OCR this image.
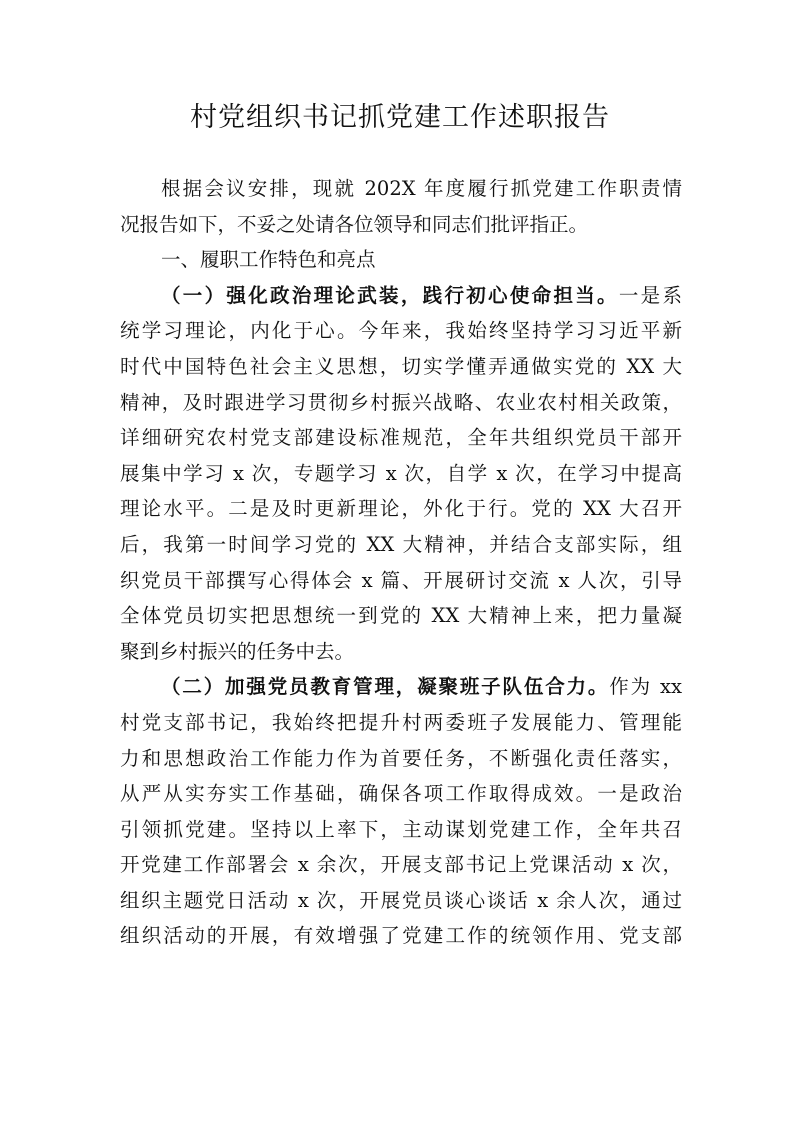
村党组织书记抓党建工作述职报告
根据会议安排，现就 202X 年度履行抓党建工作职责情
况报告如下，不妥之处请各位领导和同志们批评指正。
一、履职工作特色和亮点
（一）强化政治理论武装，践行初心使命担当。一是系
统学习理论，内化于心。今年来，我始终坚持学习习近平新
时代中国特色社会主义思想，切实学懂弄通做实党的 XX 大
精神，及时跟进学习贯彻乡村振兴战略、农业农村相关政策，
详细研究农村党支部建设标准规范，全年共组织党员干部开
展集中学习 x 次，专题学习 x 次，自学 x 次，在学习中提高
理论水平。二是及时更新理论，外化于行。党的 XX 大召开
后，我第一时间学习党的 XX 大精神，并结合支部实际，组
织党员干部撰写心得体会 x 篇、开展研讨交流 x 人次，引导
全体党员切实把思想统一到党的 XX 大精神上来，把力量凝
聚到乡村振兴的任务中去。
（二）加强党员教育管理，凝聚班子队伍合力。作为 xx
村党支部书记，我始终把提升村两委班子发展能力、管理能
力和思想政治工作能力作为首要任务，不断强化责任落实，
从严从实夯实工作基础，确保各项工作取得成效。一是政治
引领抓党建。坚持以上率下，主动谋划党建工作，全年共召
开党建工作部署会 x 余次，开展支部书记上党课活动 x 次，
组织主题党日活动 x 次，开展党员谈心谈话 x 余人次，通过
组织活动的开展，有效增强了党建工作的统领作用、党支部
